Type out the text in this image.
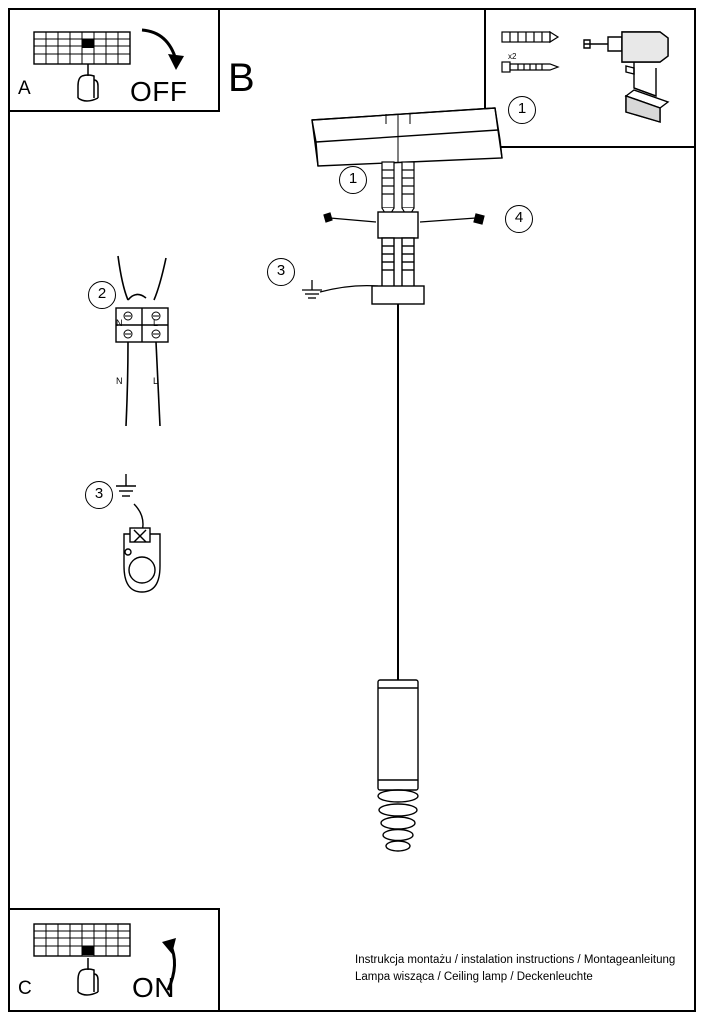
A	OFF B	x2
1
1
4
3
2
N	L
N	L
3
C	ON
Instrukcja montażu / instalation instructions / Montageanleitung
Lampa wisząca / Ceiling lamp / Deckenleuchte
